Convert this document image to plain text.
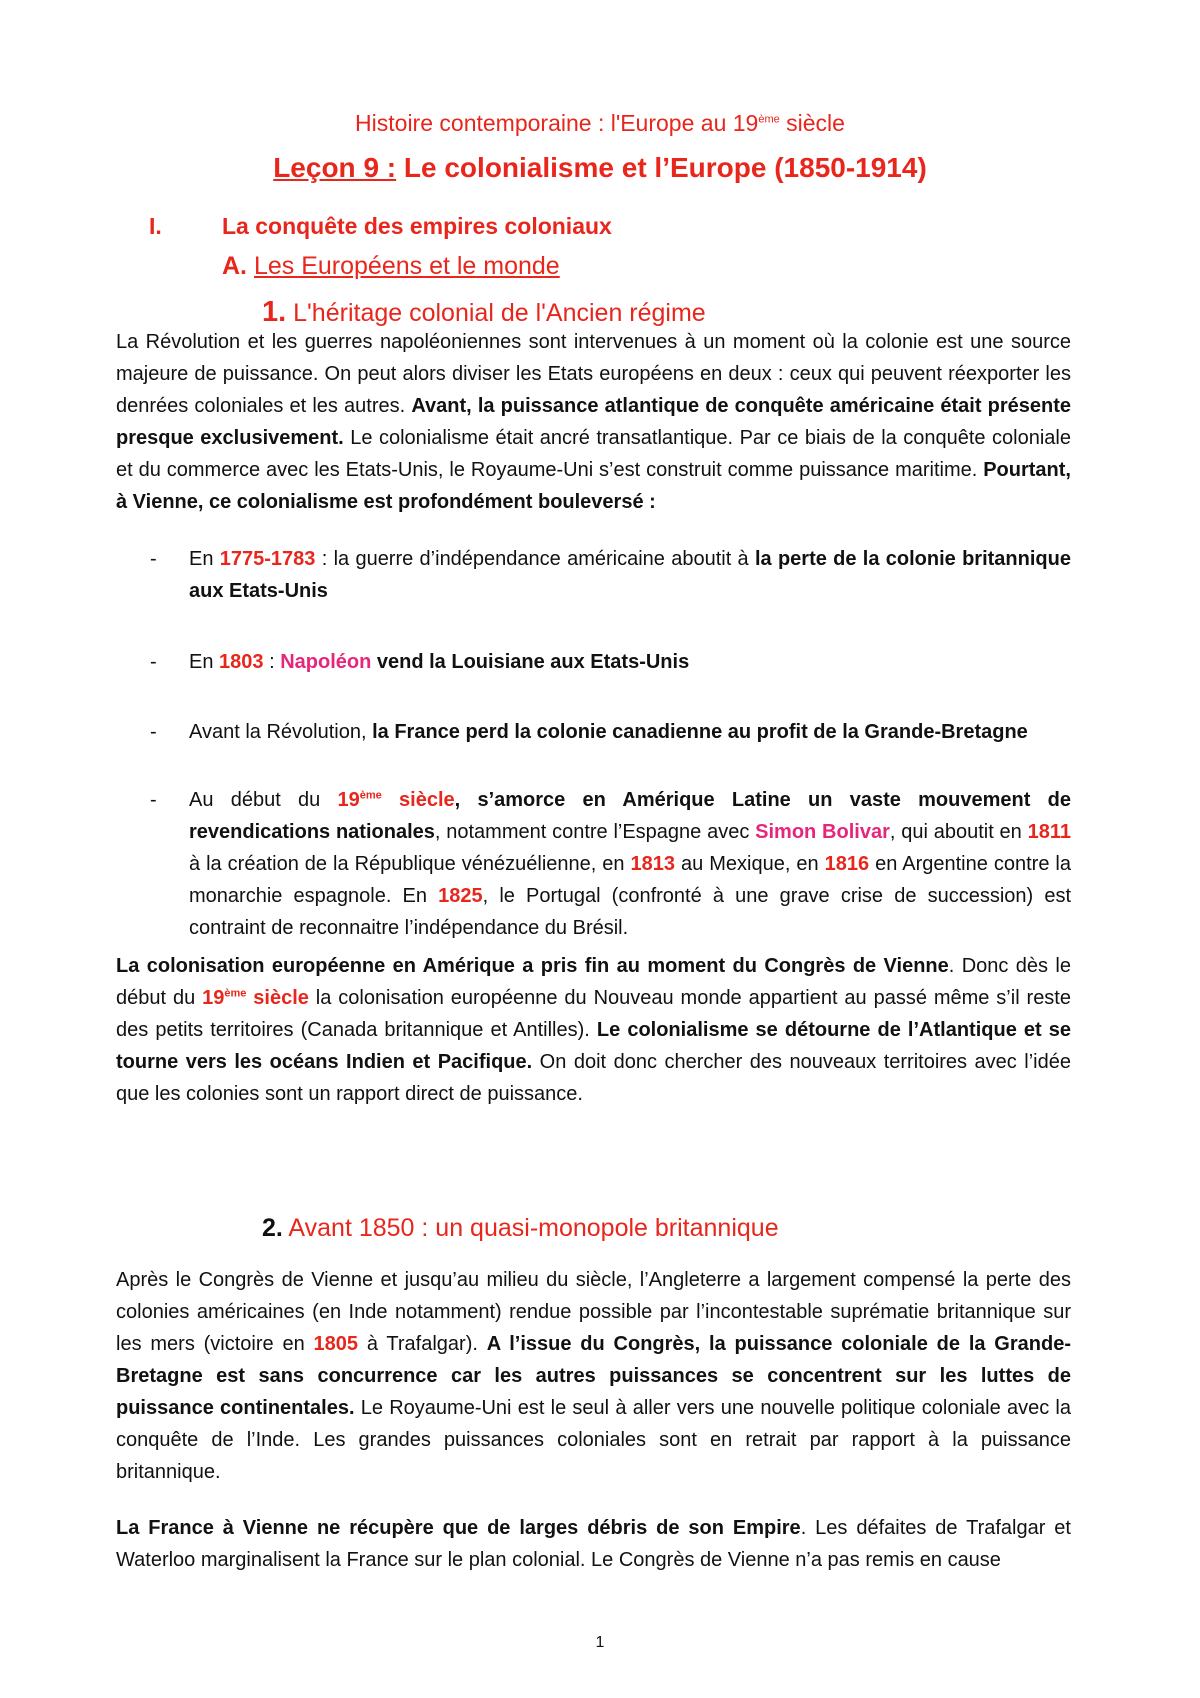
Histoire contemporaine : l'Europe au 19ème siècle
Leçon 9 : Le colonialisme et l’Europe (1850-1914)
I.	La conquête des empires coloniaux
A. Les Européens et le monde
1. L'héritage colonial de l'Ancien régime
La Révolution et les guerres napoléoniennes sont intervenues à un moment où la colonie est une source majeure de puissance. On peut alors diviser les Etats européens en deux : ceux qui peuvent réexporter les denrées coloniales et les autres. Avant, la puissance atlantique de conquête américaine était présente presque exclusivement. Le colonialisme était ancré transatlantique. Par ce biais de la conquête coloniale et du commerce avec les Etats-Unis, le Royaume-Uni s’est construit comme puissance maritime. Pourtant, à Vienne, ce colonialisme est profondément bouleversé :
- En 1775-1783 : la guerre d’indépendance américaine aboutit à la perte de la colonie britannique aux Etats-Unis
- En 1803 : Napoléon vend la Louisiane aux Etats-Unis
- Avant la Révolution, la France perd la colonie canadienne au profit de la Grande-Bretagne
- Au début du 19ème siècle, s’amorce en Amérique Latine un vaste mouvement de revendications nationales, notamment contre l’Espagne avec Simon Bolivar, qui aboutit en 1811 à la création de la République vénézuélienne, en 1813 au Mexique, en 1816 en Argentine contre la monarchie espagnole. En 1825, le Portugal (confronté à une grave crise de succession) est contraint de reconnaitre l’indépendance du Brésil.
La colonisation européenne en Amérique a pris fin au moment du Congrès de Vienne. Donc dès le début du 19ème siècle la colonisation européenne du Nouveau monde appartient au passé même s’il reste des petits territoires (Canada britannique et Antilles). Le colonialisme se détourne de l’Atlantique et se tourne vers les océans Indien et Pacifique. On doit donc chercher des nouveaux territoires avec l’idée que les colonies sont un rapport direct de puissance.
2. Avant 1850 : un quasi-monopole britannique
Après le Congrès de Vienne et jusqu’au milieu du siècle, l’Angleterre a largement compensé la perte des colonies américaines (en Inde notamment) rendue possible par l’incontestable suprématie britannique sur les mers (victoire en 1805 à Trafalgar). A l’issue du Congrès, la puissance coloniale de la Grande-Bretagne est sans concurrence car les autres puissances se concentrent sur les luttes de puissance continentales. Le Royaume-Uni est le seul à aller vers une nouvelle politique coloniale avec la conquête de l’Inde. Les grandes puissances coloniales sont en retrait par rapport à la puissance britannique.
La France à Vienne ne récupère que de larges débris de son Empire. Les défaites de Trafalgar et Waterloo marginalisent la France sur le plan colonial. Le Congrès de Vienne n’a pas remis en cause
1
